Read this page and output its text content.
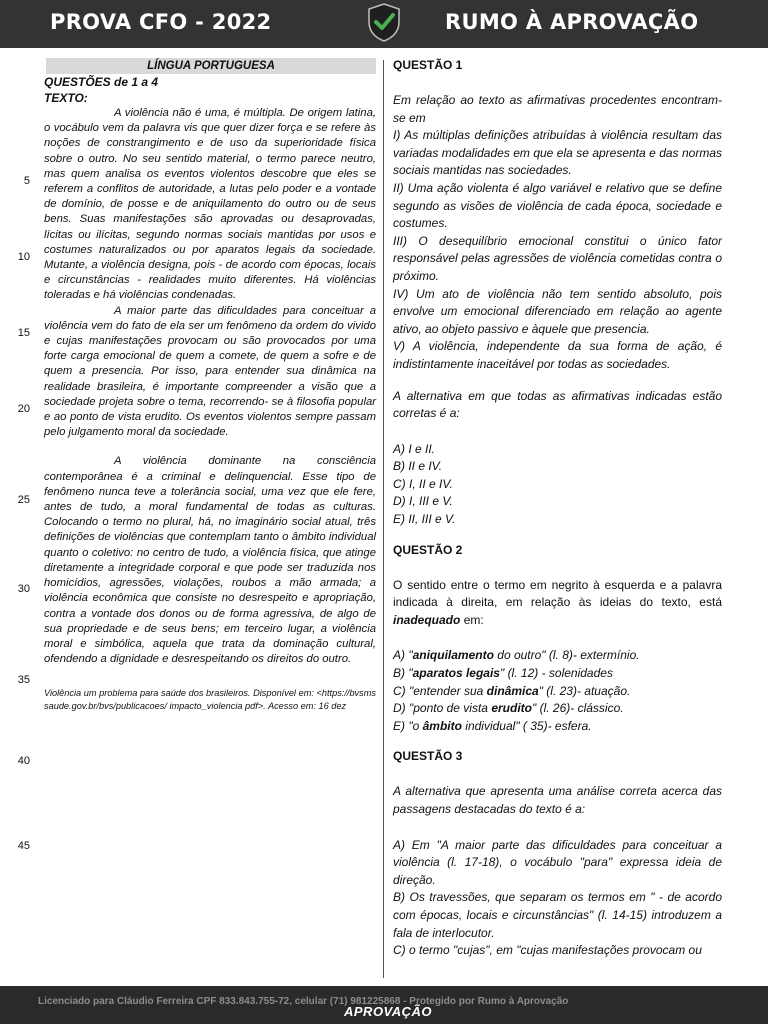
PROVA CFO - 2022	RUMO À APROVAÇÃO
LÍNGUA PORTUGUESA
QUESTÕES de 1 a 4
TEXTO:
5
10
15
20
25
30
35
40
45

A violência não é uma, é múltipla. De origem latina, o vocábulo vem da palavra vis que quer dizer força e se refere às noções de constrangimento e de uso da superioridade física sobre o outro. No seu sentido material, o termo parece neutro, mas quem analisa os eventos violentos descobre que eles se referem a conflitos de autoridade, a lutas pelo poder e a vontade de domínio, de posse e de aniquilamento do outro ou de seus bens. Suas manifestações são aprovadas ou desaprovadas, lícitas ou ilícitas, segundo normas sociais mantidas por usos e costumes naturalizados ou por aparatos legais da sociedade. Mutante, a violência designa, pois - de acordo com épocas, locais e circunstâncias - realidades muito diferentes. Há violências toleradas e há violências condenadas.

A maior parte das dificuldades para conceituar a violência vem do fato de ela ser um fenômeno da ordem do vivido e cujas manifestações provocam ou são provocados por uma forte carga emocional de quem a comete, de quem a sofre e de quem a presencia. Por isso, para entender sua dinâmica na realidade brasileira, é importante compreender a visão que a sociedade projeta sobre o tema, recorrendo- se à filosofia popular e ao ponto de vista erudito. Os eventos violentos sempre passam pelo julgamento moral da sociedade.

A violência dominante na consciência contemporânea é a criminal e delinquencial. Esse tipo de fenômeno nunca teve a tolerância social, uma vez que ele fere, antes de tudo, a moral fundamental de todas as culturas. Colocando o termo no plural, há, no imaginário social atual, três definições de violências que contemplam tanto o âmbito individual quanto o coletivo: no centro de tudo, a violência física, que atinge diretamente a integridade corporal e que pode ser traduzida nos homicídios, agressões, violações, roubos a mão armada; a violência econômica que consiste no desrespeito e apropriação, contra a vontade dos donos ou de forma agressiva, de algo de sua propriedade e de seus bens; em terceiro lugar, a violência moral e simbólica, aquela que trata da dominação cultural, ofendendo a dignidade e desrespeitando os direitos do outro.

Violência um problema para saúde dos brasileiros. Disponível em: <https://bvsms saude.gov.br/bvs/publicacoes/ impacto_violencia pdf>. Acesso em: 16 dez
QUESTÃO 1

Em relação ao texto as afirmativas procedentes encontram-se em

I) As múltiplas definições atribuídas à violência resultam das variadas modalidades em que ela se apresenta e das normas sociais mantidas nas sociedades.

II) Uma ação violenta é algo variável e relativo que se define segundo as visões de violência de cada época, sociedade e costumes.

III) O desequilíbrio emocional constitui o único fator responsável pelas agressões de violência cometidas contra o próximo.

IV) Um ato de violência não tem sentido absoluto, pois envolve um emocional diferenciado em relação ao agente ativo, ao objeto passivo e àquele que presencia.

V) A violência, independente da sua forma de ação, é indistintamente inaceitável por todas as sociedades.

A alternativa em que todas as afirmativas indicadas estão corretas é a:

A) I e II.
B) II e IV.
C) I, II e IV.
D) I, III e V.
E) II, III e V.
QUESTÃO 2

O sentido entre o termo em negrito à esquerda e a palavra indicada à direita, em relação às ideias do texto, está inadequado em:

A) "aniquilamento do outro" (l. 8)- extermínio.
B) "aparatos legais" (l. 12) - solenidades
C) "entender sua dinâmica" (l. 23)- atuação.
D) "ponto de vista erudito" (l. 26)- clássico.
E) "o âmbito individual" ( 35)- esfera.
QUESTÃO 3

A alternativa que apresenta uma análise correta acerca das passagens destacadas do texto é a:

A) Em "A maior parte das dificuldades para conceituar a violência (l. 17-18), o vocábulo "para" expressa ideia de direção.

B) Os travessões, que separam os termos em " - de acordo com épocas, locais e circunstâncias" (l. 14-15) introduzem a fala de interlocutor.

C) o termo "cujas", em "cujas manifestações provocam ou

Licenciado para Cláudio Ferreira CPF 833.843.755-72, celular (71) 981225868 - Protegido por Rumo à Aprovação
APROVAÇÃO
